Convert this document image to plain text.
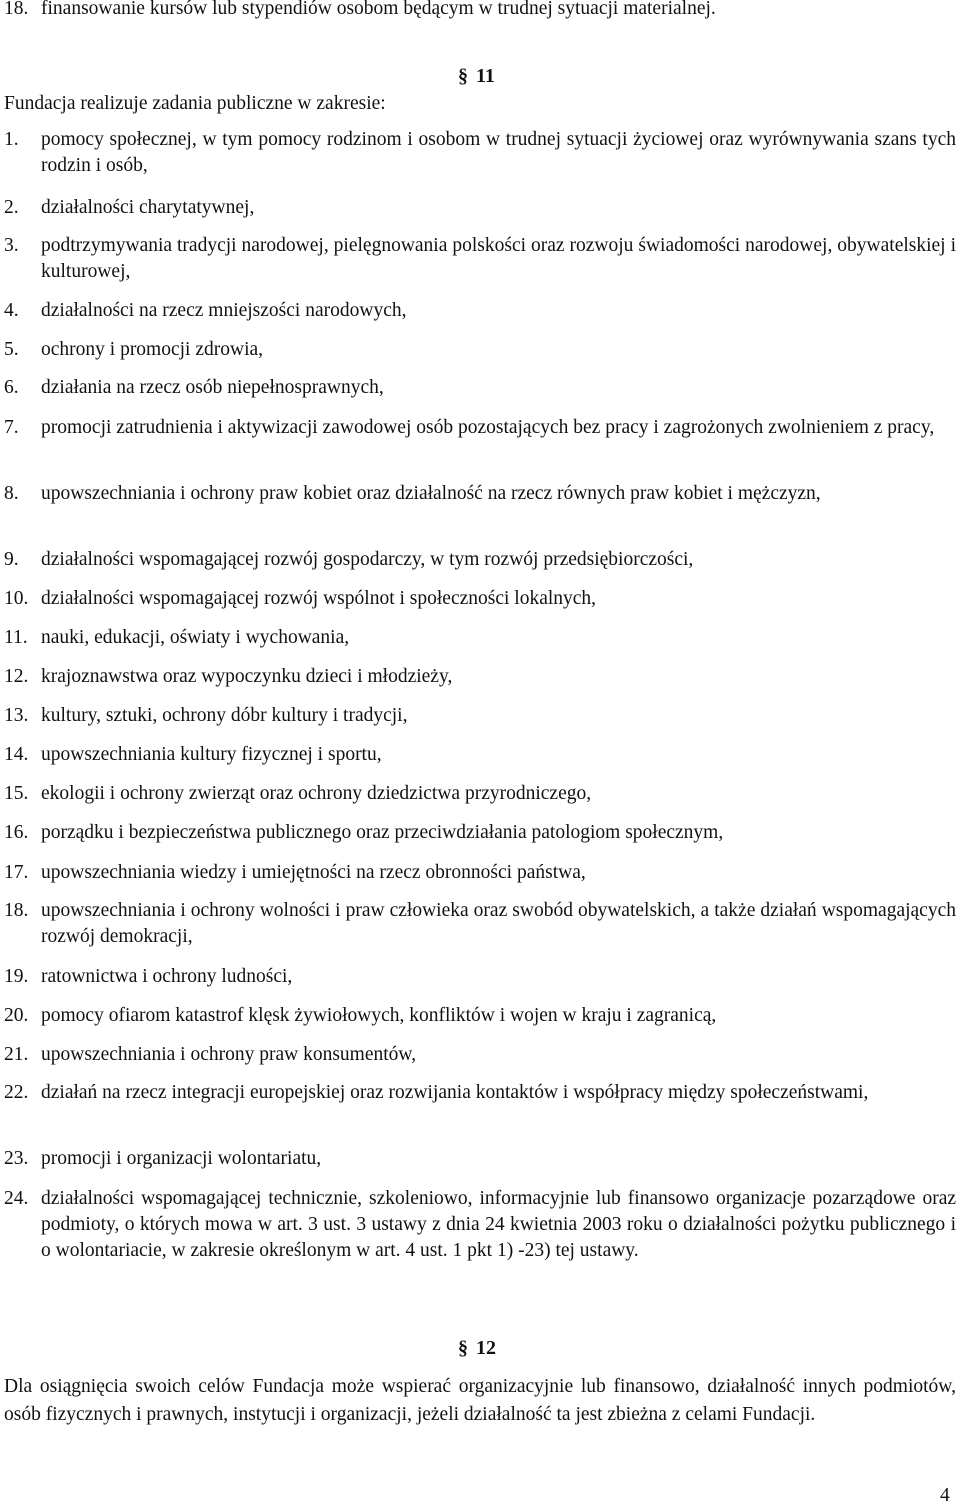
18. finansowanie kursów lub stypendiów osobom będącym w trudnej sytuacji materialnej.
§ 11
Fundacja realizuje zadania publiczne w zakresie:
1. pomocy społecznej, w tym pomocy rodzinom i osobom w trudnej sytuacji życiowej oraz wyrównywania szans tych rodzin i osób,
2. działalności charytatywnej,
3. podtrzymywania tradycji narodowej, pielęgnowania polskości oraz rozwoju świadomości narodowej, obywatelskiej i kulturowej,
4. działalności na rzecz mniejszości narodowych,
5. ochrony i promocji zdrowia,
6. działania na rzecz osób niepełnosprawnych,
7. promocji zatrudnienia i aktywizacji zawodowej osób pozostających bez pracy i zagrożonych zwolnieniem z pracy,
8. upowszechniania i ochrony praw kobiet oraz działalność na rzecz równych praw kobiet i mężczyzn,
9. działalności wspomagającej rozwój gospodarczy, w tym rozwój przedsiębiorczości,
10. działalności wspomagającej rozwój wspólnot i społeczności lokalnych,
11. nauki, edukacji, oświaty i wychowania,
12. krajoznawstwa oraz wypoczynku dzieci i młodzieży,
13. kultury, sztuki, ochrony dóbr kultury i tradycji,
14. upowszechniania kultury fizycznej i sportu,
15. ekologii i ochrony zwierząt oraz ochrony dziedzictwa przyrodniczego,
16. porządku i bezpieczeństwa publicznego oraz przeciwdziałania patologiom społecznym,
17. upowszechniania wiedzy i umiejętności na rzecz obronności państwa,
18. upowszechniania i ochrony wolności i praw człowieka oraz swobód obywatelskich, a także działań wspomagających rozwój demokracji,
19. ratownictwa i ochrony ludności,
20. pomocy ofiarom katastrof klęsk żywiołowych, konfliktów i wojen w kraju i zagranicą,
21. upowszechniania i ochrony praw konsumentów,
22. działań na rzecz integracji europejskiej oraz rozwijania kontaktów i współpracy między społeczeństwami,
23. promocji i organizacji wolontariatu,
24. działalności wspomagającej technicznie, szkoleniowo, informacyjnie lub finansowo organizacje pozarządowe oraz podmioty, o których mowa w art. 3 ust. 3 ustawy z dnia 24 kwietnia 2003 roku o działalności pożytku publicznego i o wolontariacie, w zakresie określonym w art. 4 ust. 1 pkt 1) -23) tej ustawy.
§ 12
Dla osiągnięcia swoich celów Fundacja może wspierać organizacyjnie lub finansowo, działalność innych podmiotów, osób fizycznych i prawnych, instytucji i organizacji, jeżeli działalność ta jest zbieżna z celami Fundacji.
4
